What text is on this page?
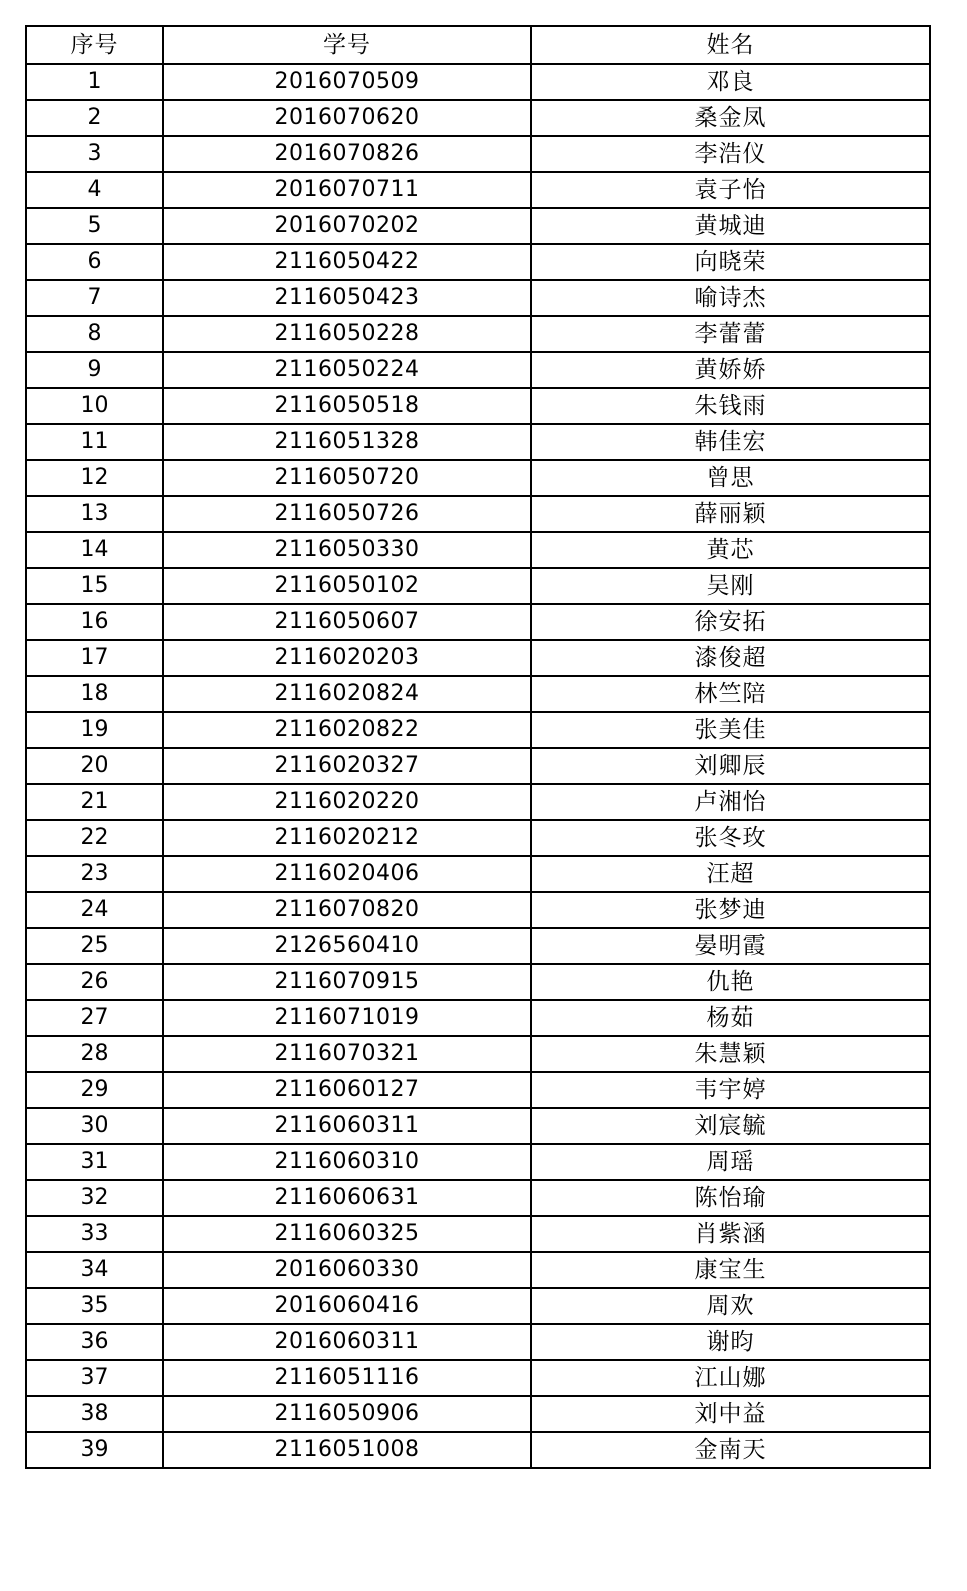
序号	学号	姓名
1	2016070509	邓良
2	2016070620	桑金凤
3	2016070826	李浩仪
4	2016070711	袁子怡
5	2016070202	黄城迪
6	2116050422	向晓荣
7	2116050423	喻诗杰
8	2116050228	李蕾蕾
9	2116050224	黄娇娇
10	2116050518	朱钱雨
11	2116051328	韩佳宏
12	2116050720	曾思
13	2116050726	薛丽颖
14	2116050330	黄芯
15	2116050102	吴刚
16	2116050607	徐安拓
17	2116020203	漆俊超
18	2116020824	林竺陪
19	2116020822	张美佳
20	2116020327	刘卿辰
21	2116020220	卢湘怡
22	2116020212	张冬玫
23	2116020406	汪超
24	2116070820	张梦迪
25	2126560410	晏明霞
26	2116070915	仇艳
27	2116071019	杨茹
28	2116070321	朱慧颖
29	2116060127	韦宇婷
30	2116060311	刘宸毓
31	2116060310	周瑶
32	2116060631	陈怡瑜
33	2116060325	肖紫涵
34	2016060330	康宝生
35	2016060416	周欢
36	2016060311	谢昀
37	2116051116	江山娜
38	2116050906	刘中益
39	2116051008	金南天
